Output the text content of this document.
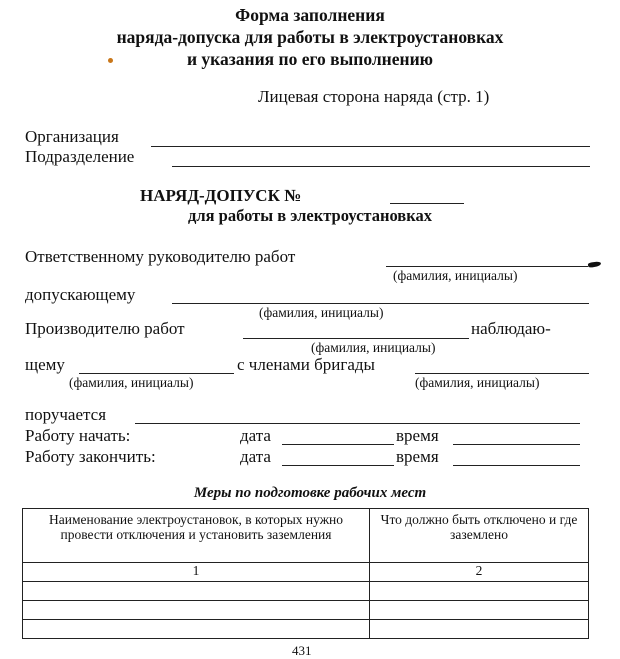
Форма заполнения
наряда-допуска для работы в электроустановках
и указания по его выполнению
Лицевая сторона наряда (стр. 1)
Организация
Подразделение
НАРЯД-ДОПУСК №
для работы в электроустановках
Ответственному руководителю работ
(фамилия, инициалы)
допускающему
(фамилия, инициалы)
Производителю работ	наблюдаю-
(фамилия, инициалы)
щему	с членами бригады
(фамилия, инициалы)	(фамилия, инициалы)
поручается
Работу начать:	дата	время
Работу закончить:	дата	время
Меры по подготовке рабочих мест
Наименование электроустановок, в которых нужно провести отключения и установить заземления	Что должно быть отключено и где заземлено
1	2

431
